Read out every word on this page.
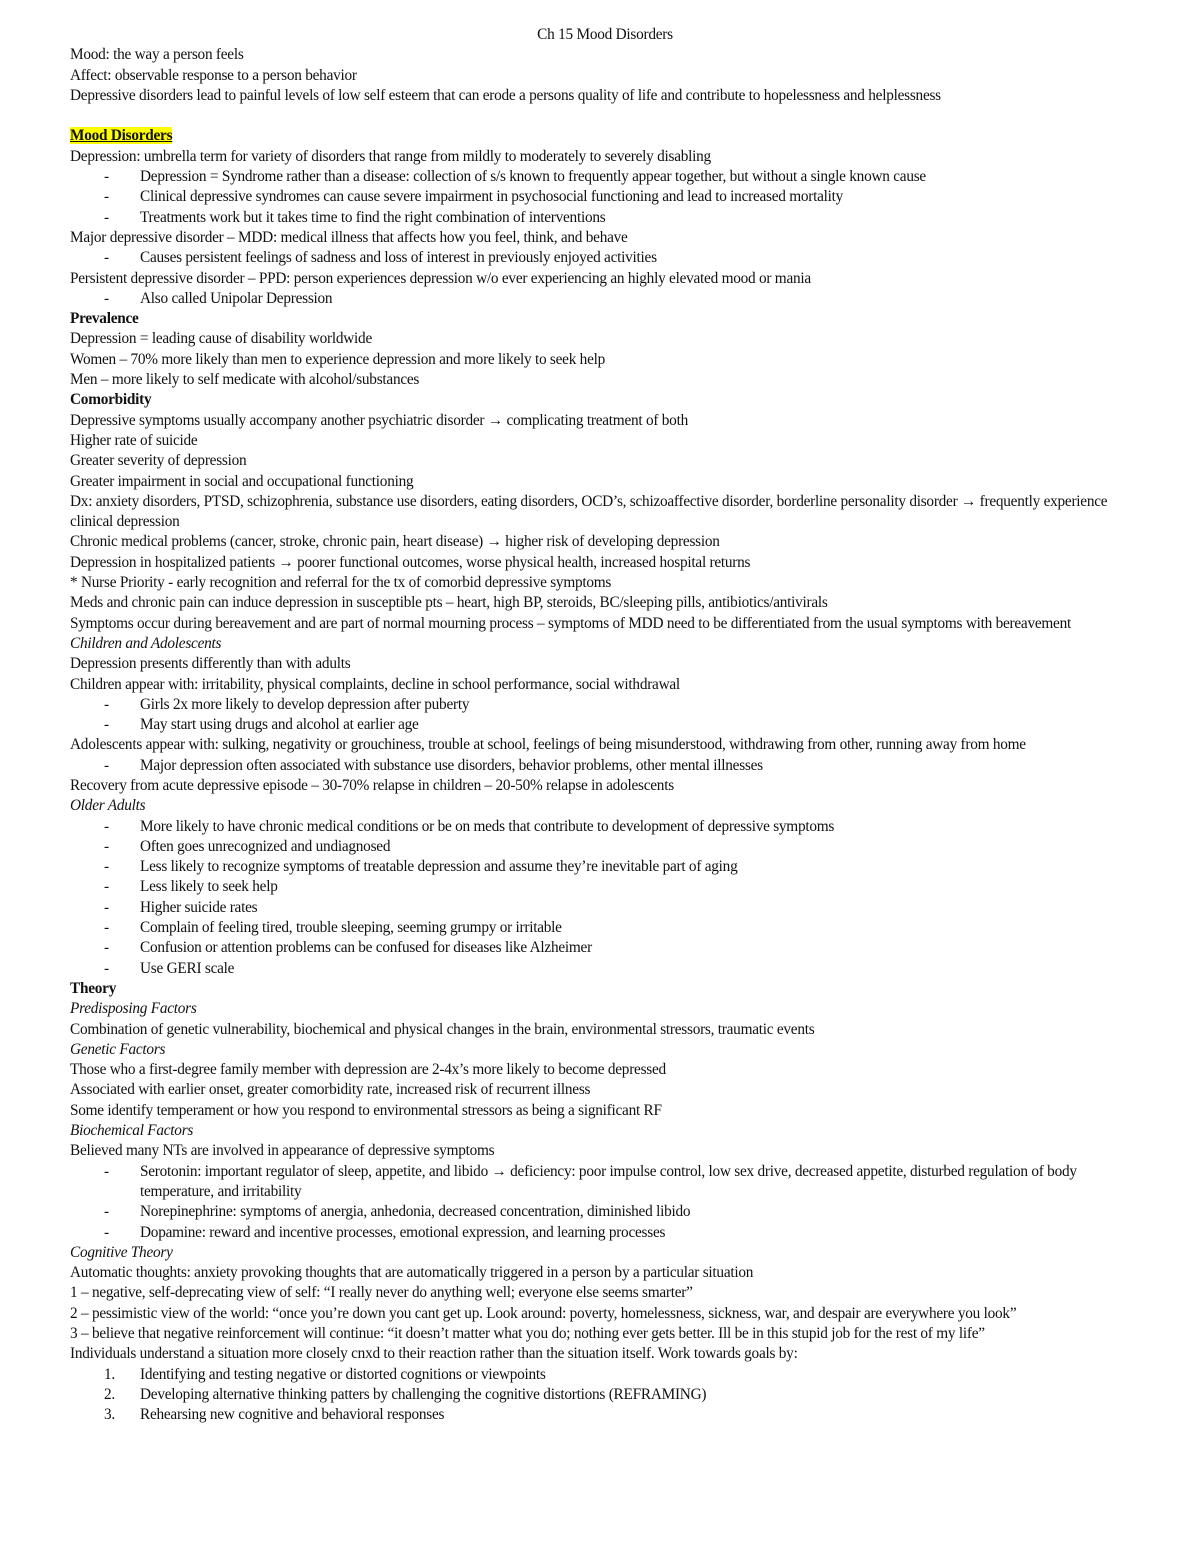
Ch 15 Mood Disorders
Mood: the way a person feels
Affect: observable response to a person behavior
Depressive disorders lead to painful levels of low self esteem that can erode a persons quality of life and contribute to hopelessness and helplessness
Mood Disorders
Depression: umbrella term for variety of disorders that range from mildly to moderately to severely disabling
-	Depression = Syndrome rather than a disease: collection of s/s known to frequently appear together, but without a single known cause
-	Clinical depressive syndromes can cause severe impairment in psychosocial functioning and lead to increased mortality
-	Treatments work but it takes time to find the right combination of interventions
Major depressive disorder – MDD: medical illness that affects how you feel, think, and behave
-	Causes persistent feelings of sadness and loss of interest in previously enjoyed activities
Persistent depressive disorder – PPD: person experiences depression w/o ever experiencing an highly elevated mood or mania
-	Also called Unipolar Depression
Prevalence
Depression = leading cause of disability worldwide
Women – 70% more likely than men to experience depression and more likely to seek help
Men – more likely to self medicate with alcohol/substances
Comorbidity
Depressive symptoms usually accompany another psychiatric disorder → complicating treatment of both
Higher rate of suicide
Greater severity of depression
Greater impairment in social and occupational functioning
Dx: anxiety disorders, PTSD, schizophrenia, substance use disorders, eating disorders, OCD’s, schizoaffective disorder, borderline personality disorder → frequently experience clinical depression
Chronic medical problems (cancer, stroke, chronic pain, heart disease) → higher risk of developing depression
Depression in hospitalized patients → poorer functional outcomes, worse physical health, increased hospital returns
* Nurse Priority - early recognition and referral for the tx of comorbid depressive symptoms
Meds and chronic pain can induce depression in susceptible pts – heart, high BP, steroids, BC/sleeping pills, antibiotics/antivirals
Symptoms occur during bereavement and are part of normal mourning process – symptoms of MDD need to be differentiated from the usual symptoms with bereavement
Children and Adolescents
Depression presents differently than with adults
Children appear with: irritability, physical complaints, decline in school performance, social withdrawal
-	Girls 2x more likely to develop depression after puberty
-	May start using drugs and alcohol at earlier age
Adolescents appear with: sulking, negativity or grouchiness, trouble at school, feelings of being misunderstood, withdrawing from other, running away from home
-	Major depression often associated with substance use disorders, behavior problems, other mental illnesses
Recovery from acute depressive episode – 30-70% relapse in children – 20-50% relapse in adolescents
Older Adults
-	More likely to have chronic medical conditions or be on meds that contribute to development of depressive symptoms
-	Often goes unrecognized and undiagnosed
-	Less likely to recognize symptoms of treatable depression and assume they’re inevitable part of aging
-	Less likely to seek help
-	Higher suicide rates
-	Complain of feeling tired, trouble sleeping, seeming grumpy or irritable
-	Confusion or attention problems can be confused for diseases like Alzheimer
-	Use GERI scale
Theory
Predisposing Factors
Combination of genetic vulnerability, biochemical and physical changes in the brain, environmental stressors, traumatic events
Genetic Factors
Those who a first-degree family member with depression are 2-4x’s more likely to become depressed
Associated with earlier onset, greater comorbidity rate, increased risk of recurrent illness
Some identify temperament or how you respond to environmental stressors as being a significant RF
Biochemical Factors
Believed many NTs are involved in appearance of depressive symptoms
-	Serotonin: important regulator of sleep, appetite, and libido → deficiency: poor impulse control, low sex drive, decreased appetite, disturbed regulation of body temperature, and irritability
-	Norepinephrine: symptoms of anergia, anhedonia, decreased concentration, diminished libido
-	Dopamine: reward and incentive processes, emotional expression, and learning processes
Cognitive Theory
Automatic thoughts: anxiety provoking thoughts that are automatically triggered in a person by a particular situation
1 – negative, self-deprecating view of self: “I really never do anything well; everyone else seems smarter”
2 – pessimistic view of the world: “once you’re down you cant get up. Look around: poverty, homelessness, sickness, war, and despair are everywhere you look”
3 – believe that negative reinforcement will continue: “it doesn’t matter what you do; nothing ever gets better. Ill be in this stupid job for the rest of my life”
Individuals understand a situation more closely cnxd to their reaction rather than the situation itself. Work towards goals by:
1.	Identifying and testing negative or distorted cognitions or viewpoints
2.	Developing alternative thinking patters by challenging the cognitive distortions (REFRAMING)
3.	Rehearsing new cognitive and behavioral responses
